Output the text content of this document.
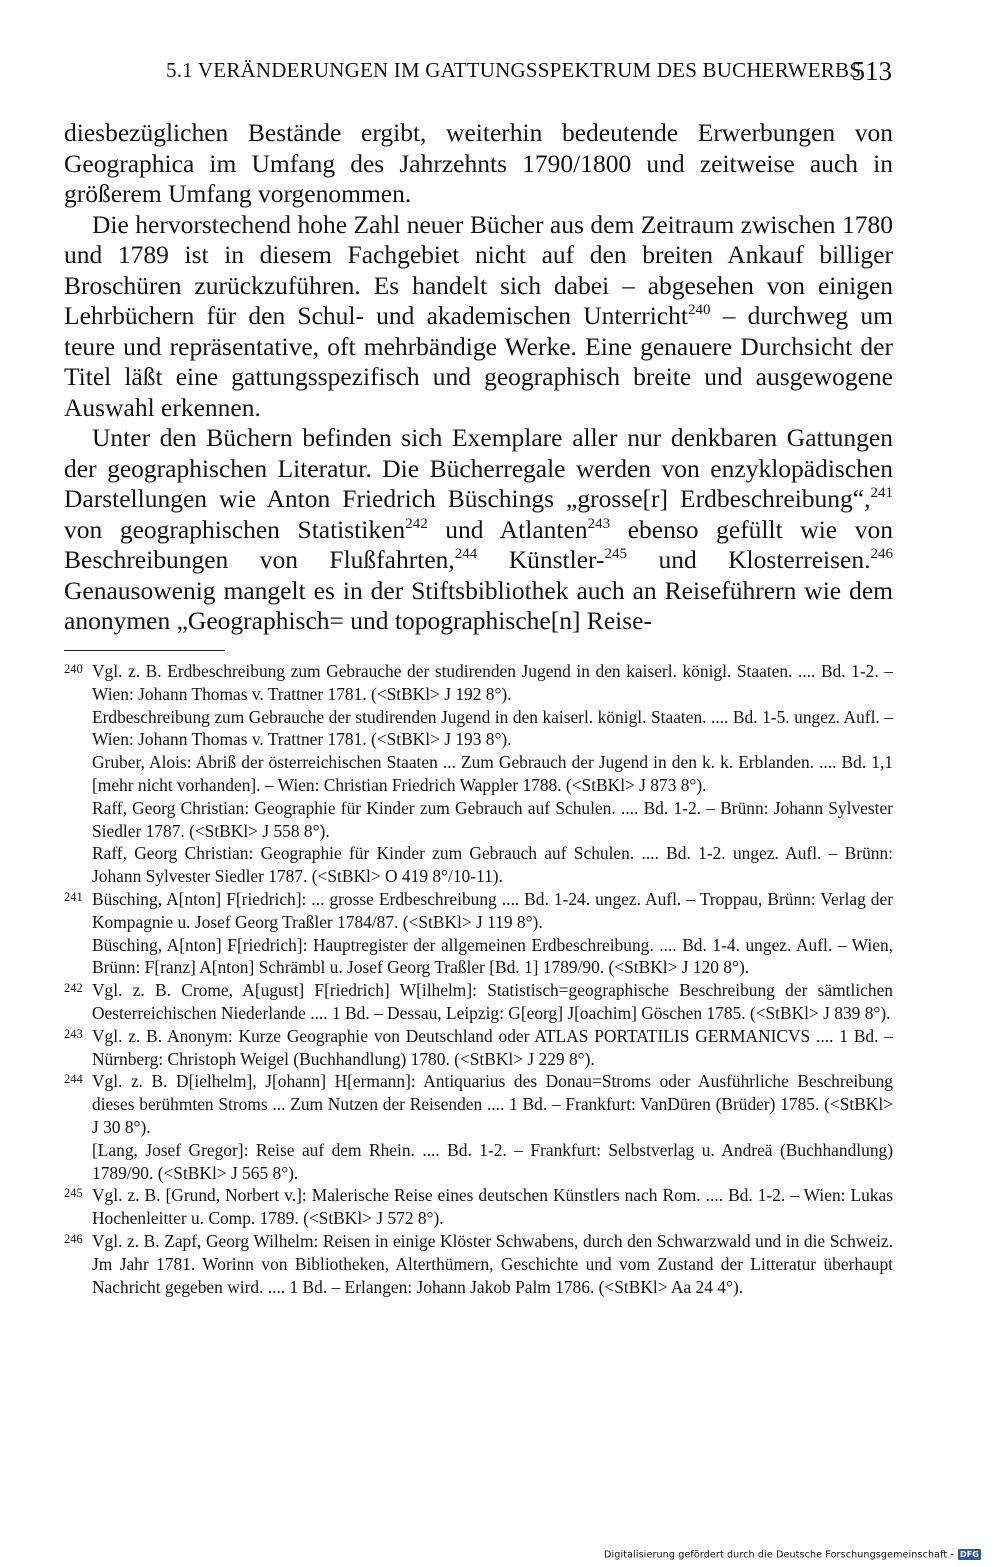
5.1 VERÄNDERUNGEN IM GATTUNGSSPEKTRUM DES BUCHERWERBS
513

diesbezüglichen Bestände ergibt, weiterhin bedeutende Erwerbungen von Geographica im Umfang des Jahrzehnts 1790/1800 und zeitweise auch in größerem Umfang vorgenommen.

Die hervorstechend hohe Zahl neuer Bücher aus dem Zeitraum zwischen 1780 und 1789 ist in diesem Fachgebiet nicht auf den breiten Ankauf billiger Broschüren zurückzuführen. Es handelt sich dabei – abgesehen von einigen Lehrbüchern für den Schul- und akademischen Unterricht$^{240}$ – durchweg um teure und repräsentative, oft mehrbändige Werke. Eine genauere Durchsicht der Titel läßt eine gattungsspezifisch und geographisch breite und ausgewogene Auswahl erkennen.

Unter den Büchern befinden sich Exemplare aller nur denkbaren Gattungen der geographischen Literatur. Die Bücherregale werden von enzyklopädischen Darstellungen wie Anton Friedrich Büschings „grosse[r] Erdbeschreibung“,$^{241}$ von geographischen Statistiken$^{242}$ und Atlanten$^{243}$ ebenso gefüllt wie von Beschreibungen von Flußfahrten,$^{244}$ Künstler-$^{245}$ und Klosterreisen.$^{246}$ Genausowenig mangelt es in der Stiftsbibliothek auch an Reiseführern wie dem anonymen „Geographisch= und topographische[n] Reise-

240 Vgl. z. B. Erdbeschreibung zum Gebrauche der studirenden Jugend in den kaiserl. königl. Staaten. .... Bd. 1-2. – Wien: Johann Thomas v. Trattner 1781. (<StBKl> J 192 8°).

Erdbeschreibung zum Gebrauche der studirenden Jugend in den kaiserl. königl. Staaten. .... Bd. 1-5. ungez. Aufl. – Wien: Johann Thomas v. Trattner 1781. (<StBKl> J 193 8°).

Gruber, Alois: Abriß der österreichischen Staaten ... Zum Gebrauch der Jugend in den k. k. Erblanden. .... Bd. 1,1 [mehr nicht vorhanden]. – Wien: Christian Friedrich Wappler 1788. (<StBKl> J 873 8°).

Raff, Georg Christian: Geographie für Kinder zum Gebrauch auf Schulen. .... Bd. 1-2. – Brünn: Johann Sylvester Siedler 1787. (<StBKl> J 558 8°).

Raff, Georg Christian: Geographie für Kinder zum Gebrauch auf Schulen. .... Bd. 1-2. ungez. Aufl. – Brünn: Johann Sylvester Siedler 1787. (<StBKl> O 419 8°/10-11).

241 Büsching, A[nton] F[riedrich]: ... grosse Erdbeschreibung .... Bd. 1-24. ungez. Aufl. – Troppau, Brünn: Verlag der Kompagnie u. Josef Georg Traßler 1784/87. (<StBKl> J 119 8°).

Büsching, A[nton] F[riedrich]: Hauptregister der allgemeinen Erdbeschreibung. .... Bd. 1-4. ungez. Aufl. – Wien, Brünn: F[ranz] A[nton] Schrämbl u. Josef Georg Traßler [Bd. 1] 1789/90. (<StBKl> J 120 8°).

242 Vgl. z. B. Crome, A[ugust] F[riedrich] W[ilhelm]: Statistisch=geographische Beschreibung der sämtlichen Oesterreichischen Niederlande .... 1 Bd. – Dessau, Leipzig: G[eorg] J[oachim] Göschen 1785. (<StBKl> J 839 8°).

243 Vgl. z. B. Anonym: Kurze Geographie von Deutschland oder ATLAS PORTATILIS GERMANICVS .... 1 Bd. – Nürnberg: Christoph Weigel (Buchhandlung) 1780. (<StBKl> J 229 8°).

244 Vgl. z. B. D[ielhelm], J[ohann] H[ermann]: Antiquarius des Donau=Stroms oder Ausführliche Beschreibung dieses berühmten Stroms ... Zum Nutzen der Reisenden .... 1 Bd. – Frankfurt: VanDüren (Brüder) 1785. (<StBKl> J 30 8°).

[Lang, Josef Gregor]: Reise auf dem Rhein. .... Bd. 1-2. – Frankfurt: Selbstverlag u. Andreä (Buchhandlung) 1789/90. (<StBKl> J 565 8°).

245 Vgl. z. B. [Grund, Norbert v.]: Malerische Reise eines deutschen Künstlers nach Rom. .... Bd. 1-2. – Wien: Lukas Hochenleitter u. Comp. 1789. (<StBKl> J 572 8°).

246 Vgl. z. B. Zapf, Georg Wilhelm: Reisen in einige Klöster Schwabens, durch den Schwarzwald und in die Schweiz. Jm Jahr 1781. Worinn von Bibliotheken, Alterthümern, Geschichte und vom Zustand der Litteratur überhaupt Nachricht gegeben wird. .... 1 Bd. – Erlangen: Johann Jakob Palm 1786. (<StBKl> Aa 24 4°).

Digitalisierung gefördert durch die Deutsche Forschungsgemeinschaft - DFG
